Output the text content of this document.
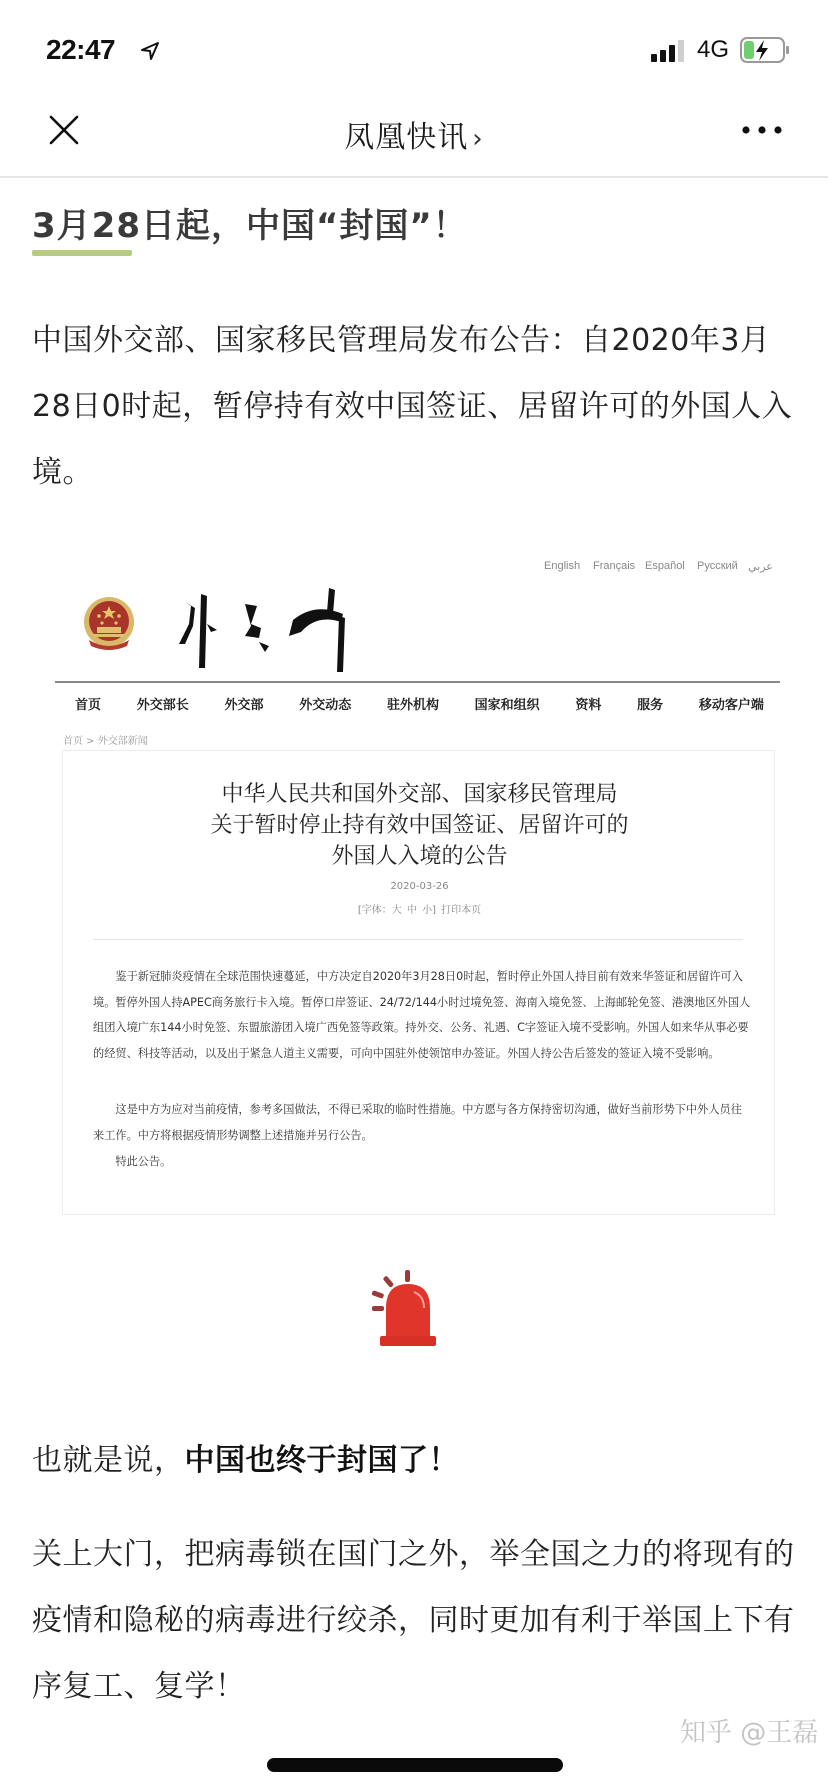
22:47	4G
凤凰快讯 ›
3月28日起，中国“封国”！
中国外交部、国家移民管理局发布公告：自2020年3月28日0时起，暂停持有效中国签证、居留许可的外国人入境。
English Français Español Русский عربي
首页	外交部长	外交部	外交动态	驻外机构	国家和组织	资料	服务	移动客户端
首页 > 外交部新闻
中华人民共和国外交部、国家移民管理局
关于暂时停止持有效中国签证、居留许可的
外国人入境的公告
2020-03-26
[字体：大 中 小] 打印本页
鉴于新冠肺炎疫情在全球范围快速蔓延，中方决定自2020年3月28日0时起，暂时停止外国人持目前有效来华签证和居留许可入境。暂停外国人持APEC商务旅行卡入境。暂停口岸签证、24/72/144小时过境免签、海南入境免签、上海邮轮免签、港澳地区外国人组团入境广东144小时免签、东盟旅游团入境广西免签等政策。持外交、公务、礼遇、C字签证入境不受影响。外国人如来华从事必要的经贸、科技等活动，以及出于紧急人道主义需要，可向中国驻外使领馆申办签证。外国人持公告后签发的签证入境不受影响。
这是中方为应对当前疫情，参考多国做法，不得已采取的临时性措施。中方愿与各方保持密切沟通，做好当前形势下中外人员往来工作。中方将根据疫情形势调整上述措施并另行公告。
特此公告。
也就是说，中国也终于封国了！
关上大门，把病毒锁在国门之外，举全国之力的将现有的疫情和隐秘的病毒进行绞杀，同时更加有利于举国上下有序复工、复学！
知乎 @王磊
